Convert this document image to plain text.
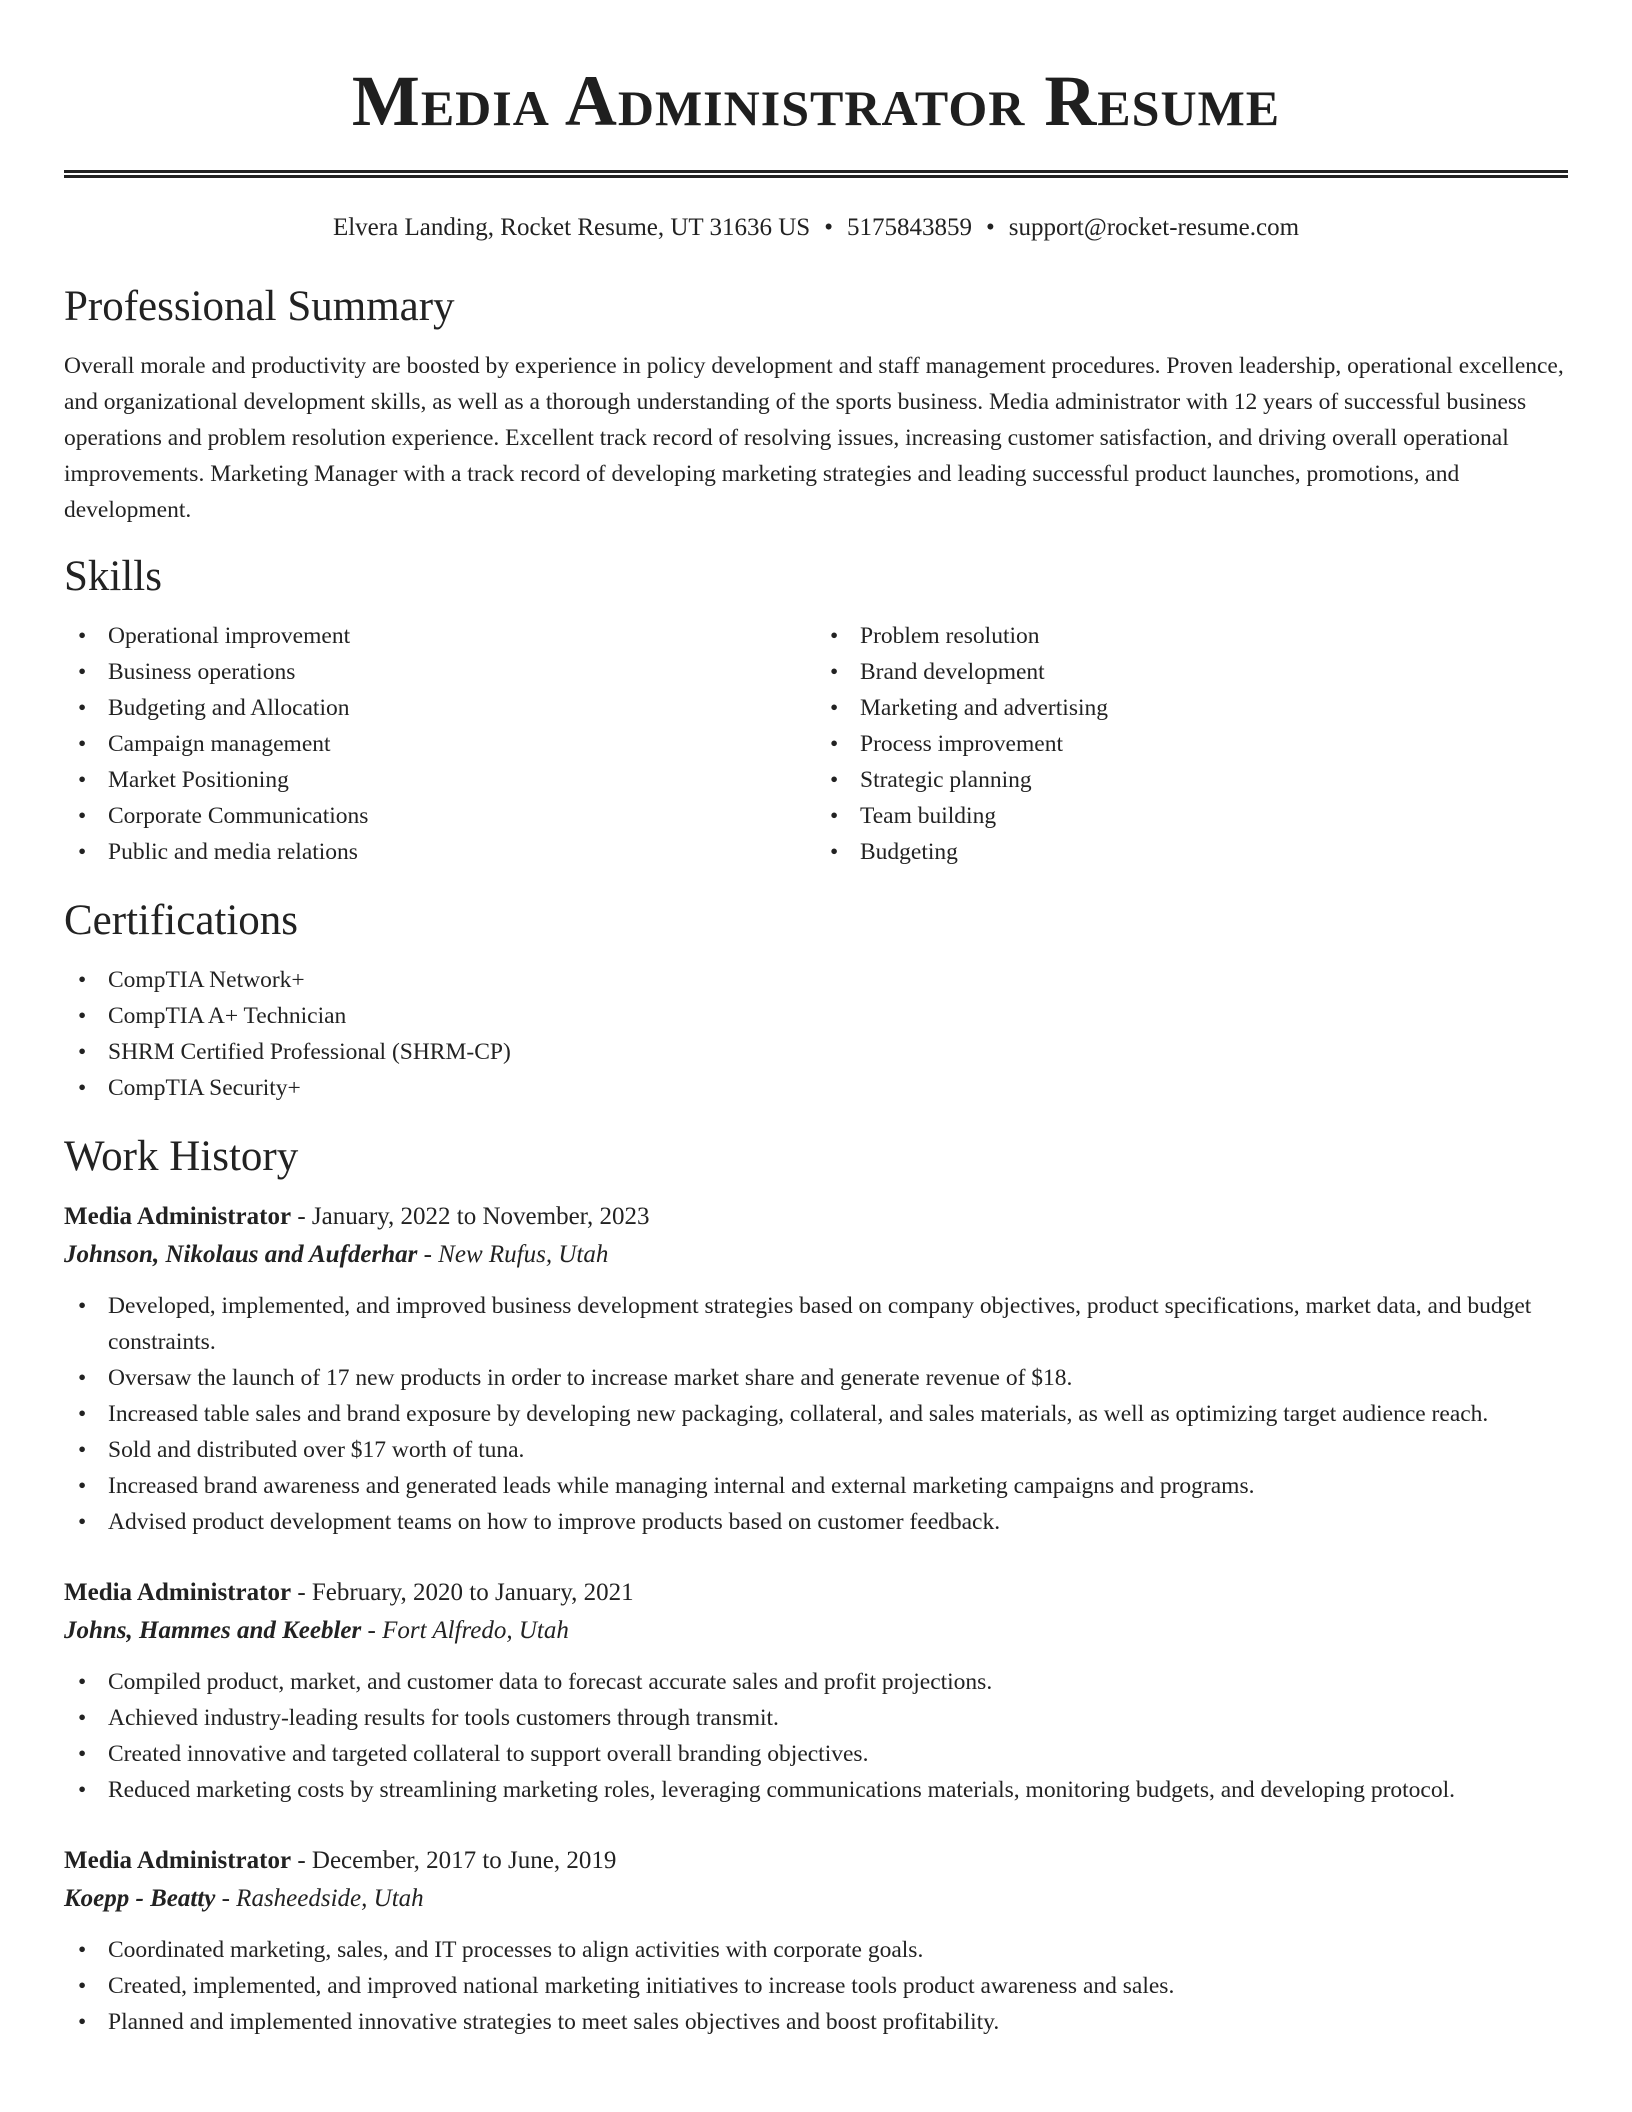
Media Administrator Resume
Elvera Landing, Rocket Resume, UT 31636 US • 5175843859 • support@rocket-resume.com
Professional Summary

Overall morale and productivity are boosted by experience in policy development and staff management procedures. Proven leadership, operational excellence, and organizational development skills, as well as a thorough understanding of the sports business. Media administrator with 12 years of successful business operations and problem resolution experience. Excellent track record of resolving issues, increasing customer satisfaction, and driving overall operational improvements. Marketing Manager with a track record of developing marketing strategies and leading successful product launches, promotions, and development.

Skills
• Operational improvement
• Business operations
• Budgeting and Allocation
• Campaign management
• Market Positioning
• Corporate Communications
• Public and media relations
• Problem resolution
• Brand development
• Marketing and advertising
• Process improvement
• Strategic planning
• Team building
• Budgeting
Certifications
• CompTIA Network+
• CompTIA A+ Technician
• SHRM Certified Professional (SHRM-CP)
• CompTIA Security+
Work History
Media Administrator - January, 2022 to November, 2023
Johnson, Nikolaus and Aufderhar - New Rufus, Utah
• Developed, implemented, and improved business development strategies based on company objectives, product specifications, market data, and budget constraints.
• Oversaw the launch of 17 new products in order to increase market share and generate revenue of $18.
• Increased table sales and brand exposure by developing new packaging, collateral, and sales materials, as well as optimizing target audience reach.
• Sold and distributed over $17 worth of tuna.
• Increased brand awareness and generated leads while managing internal and external marketing campaigns and programs.
• Advised product development teams on how to improve products based on customer feedback.
Media Administrator - February, 2020 to January, 2021
Johns, Hammes and Keebler - Fort Alfredo, Utah
• Compiled product, market, and customer data to forecast accurate sales and profit projections.
• Achieved industry-leading results for tools customers through transmit.
• Created innovative and targeted collateral to support overall branding objectives.
• Reduced marketing costs by streamlining marketing roles, leveraging communications materials, monitoring budgets, and developing protocol.
Media Administrator - December, 2017 to June, 2019
Koepp - Beatty - Rasheedside, Utah
• Coordinated marketing, sales, and IT processes to align activities with corporate goals.
• Created, implemented, and improved national marketing initiatives to increase tools product awareness and sales.
• Planned and implemented innovative strategies to meet sales objectives and boost profitability.
